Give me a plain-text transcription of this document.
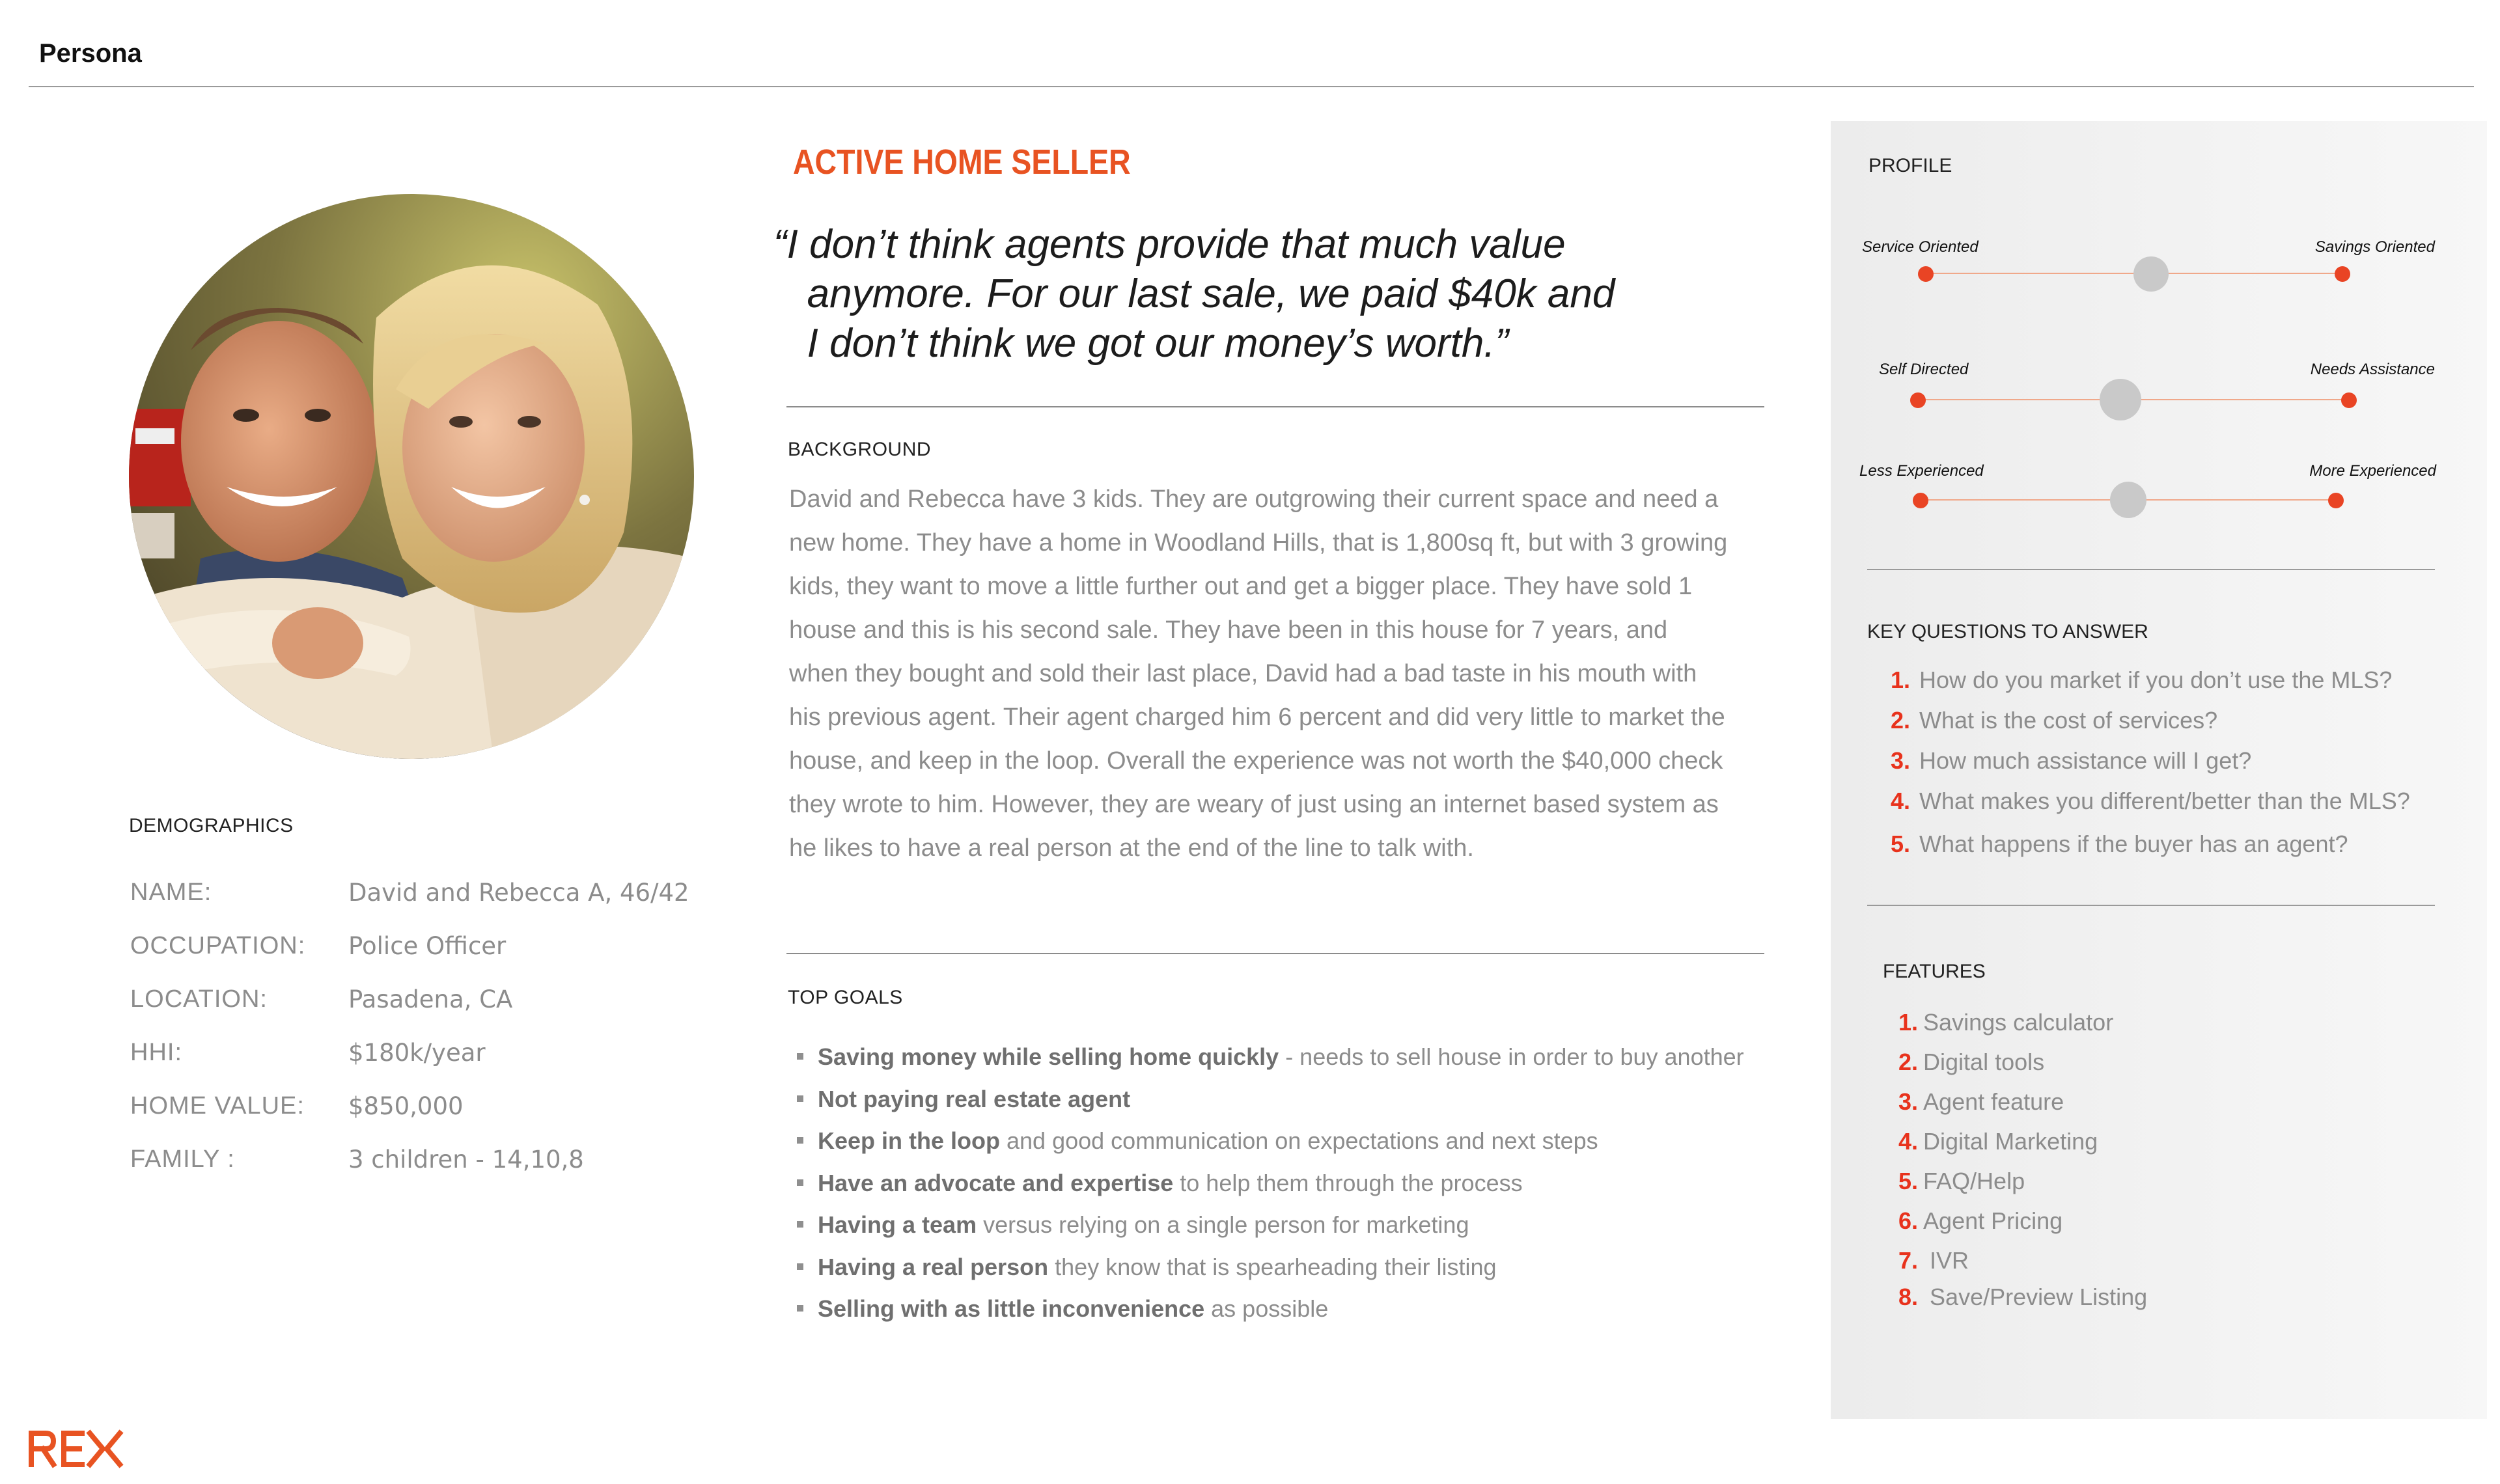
Persona
DEMOGRAPHICS
NAME:	David and Rebecca A, 46/42
OCCUPATION:	Police Officer
LOCATION:	Pasadena, CA
HHI:	$180k/year
HOME VALUE:	$850,000
FAMILY :	3 children - 14,10,8
ACTIVE HOME SELLER
“I don’t think agents provide that much value
anymore. For our last sale, we paid $40k and
I don’t think we got our money’s worth.”
BACKGROUND
David and Rebecca have 3 kids. They are outgrowing their current space and need a new home. They have a home in Woodland Hills, that is 1,800sq ft, but with 3 growing kids, they want to move a little further out and get a bigger place. They have sold 1 house and this is his second sale. They have been in this house for 7 years, and when they bought and sold their last place, David had a bad taste in his mouth with his previous agent. Their agent charged him 6 percent and did very little to market the house, and keep in the loop. Overall the experience was not worth the $40,000 check they wrote to him. However, they are weary of just using an internet based system as he likes to have a real person at the end of the line to talk with.
TOP GOALS
Saving money while selling home quickly - needs to sell house in order to buy another
Not paying real estate agent
Keep in the loop and good communication on expectations and next steps
Have an advocate and expertise to help them through the process
Having a team versus relying on a single person for marketing
Having a real person they know that is spearheading their listing
Selling with as little inconvenience as possible
PROFILE
Service Oriented	Savings Oriented
Self Directed	Needs Assistance
Less Experienced	More Experienced
KEY QUESTIONS TO ANSWER
1. How do you market if you don’t use the MLS?
2. What is the cost of services?
3. How much assistance will I get?
4. What makes you different/better than the MLS?
5. What happens if the buyer has an agent?
FEATURES
1. Savings calculator
2. Digital tools
3. Agent feature
4. Digital Marketing
5. FAQ/Help
6. Agent Pricing
7. IVR
8. Save/Preview Listing
